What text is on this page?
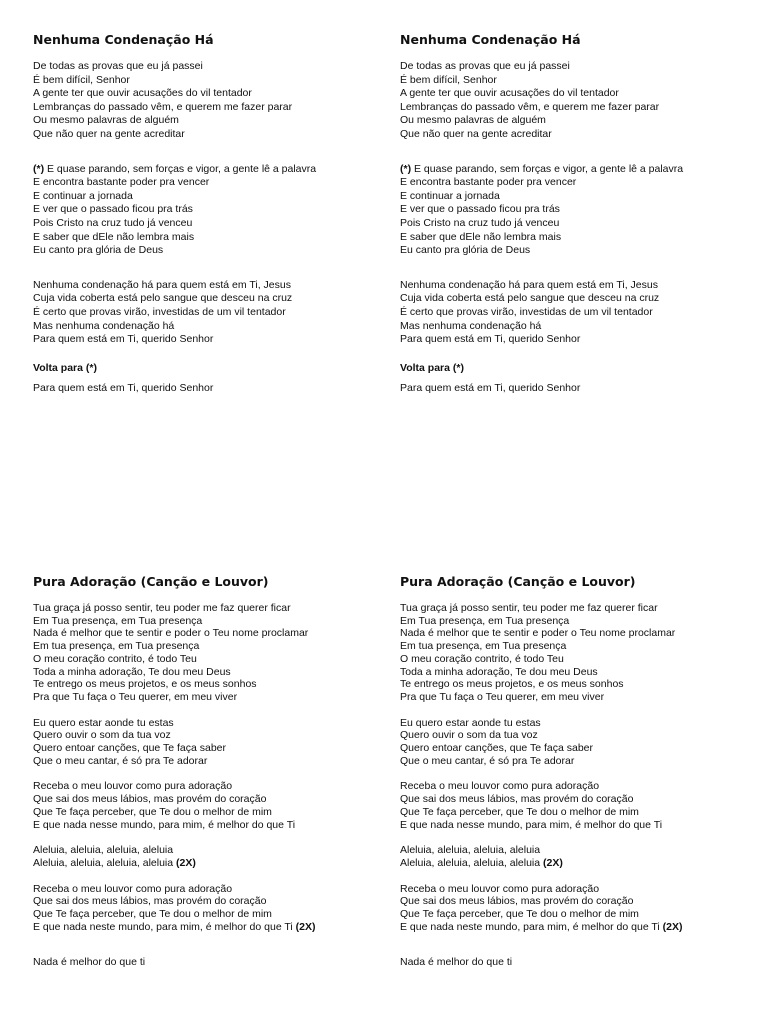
Nenhuma Condenação Há
De todas as provas que eu já passei
É bem difícil, Senhor
A gente ter que ouvir acusações do vil tentador
Lembranças do passado vêm, e querem me fazer parar
Ou mesmo palavras de alguém
Que não quer na gente acreditar
(*) E quase parando, sem forças e vigor, a gente lê a palavra
E encontra bastante poder pra vencer
E continuar a jornada
E ver que o passado ficou pra trás
Pois Cristo na cruz tudo já venceu
E saber que dEle não lembra mais
Eu canto pra glória de Deus
Nenhuma condenação há para quem está em Ti, Jesus
Cuja vida coberta está pelo sangue que desceu na cruz
É certo que provas virão, investidas de um vil tentador
Mas nenhuma condenação há
Para quem está em Ti, querido Senhor
Volta para (*)
Para quem está em Ti, querido Senhor
Nenhuma Condenação Há
De todas as provas que eu já passei
É bem difícil, Senhor
A gente ter que ouvir acusações do vil tentador
Lembranças do passado vêm, e querem me fazer parar
Ou mesmo palavras de alguém
Que não quer na gente acreditar
(*) E quase parando, sem forças e vigor, a gente lê a palavra
E encontra bastante poder pra vencer
E continuar a jornada
E ver que o passado ficou pra trás
Pois Cristo na cruz tudo já venceu
E saber que dEle não lembra mais
Eu canto pra glória de Deus
Nenhuma condenação há para quem está em Ti, Jesus
Cuja vida coberta está pelo sangue que desceu na cruz
É certo que provas virão, investidas de um vil tentador
Mas nenhuma condenação há
Para quem está em Ti, querido Senhor
Volta para (*)
Para quem está em Ti, querido Senhor
Pura Adoração (Canção e Louvor)
Tua graça já posso sentir, teu poder me faz querer ficar
Em Tua presença, em Tua presença
Nada é melhor que te sentir e poder o Teu nome proclamar
Em tua presença, em Tua presença
O meu coração contrito, é todo Teu
Toda a minha adoração, Te dou meu Deus
Te entrego os meus projetos, e os meus sonhos
Pra que Tu faça o Teu querer, em meu viver
Eu quero estar aonde tu estas
Quero ouvir o som da tua voz
Quero entoar canções, que Te faça saber
Que o meu cantar, é só pra Te adorar
Receba o meu louvor como pura adoração
Que sai dos meus lábios, mas provém do coração
Que Te faça perceber, que Te dou o melhor de mim
E que nada nesse mundo, para mim, é melhor do que Ti
Aleluia, aleluia, aleluia, aleluia
Aleluia, aleluia, aleluia, aleluia (2X)
Receba o meu louvor como pura adoração
Que sai dos meus lábios, mas provém do coração
Que Te faça perceber, que Te dou o melhor de mim
E que nada neste mundo, para mim, é melhor do que Ti (2X)
Nada é melhor do que ti
Pura Adoração (Canção e Louvor)
Tua graça já posso sentir, teu poder me faz querer ficar
Em Tua presença, em Tua presença
Nada é melhor que te sentir e poder o Teu nome proclamar
Em tua presença, em Tua presença
O meu coração contrito, é todo Teu
Toda a minha adoração, Te dou meu Deus
Te entrego os meus projetos, e os meus sonhos
Pra que Tu faça o Teu querer, em meu viver
Eu quero estar aonde tu estas
Quero ouvir o som da tua voz
Quero entoar canções, que Te faça saber
Que o meu cantar, é só pra Te adorar
Receba o meu louvor como pura adoração
Que sai dos meus lábios, mas provém do coração
Que Te faça perceber, que Te dou o melhor de mim
E que nada nesse mundo, para mim, é melhor do que Ti
Aleluia, aleluia, aleluia, aleluia
Aleluia, aleluia, aleluia, aleluia (2X)
Receba o meu louvor como pura adoração
Que sai dos meus lábios, mas provém do coração
Que Te faça perceber, que Te dou o melhor de mim
E que nada neste mundo, para mim, é melhor do que Ti (2X)
Nada é melhor do que ti
